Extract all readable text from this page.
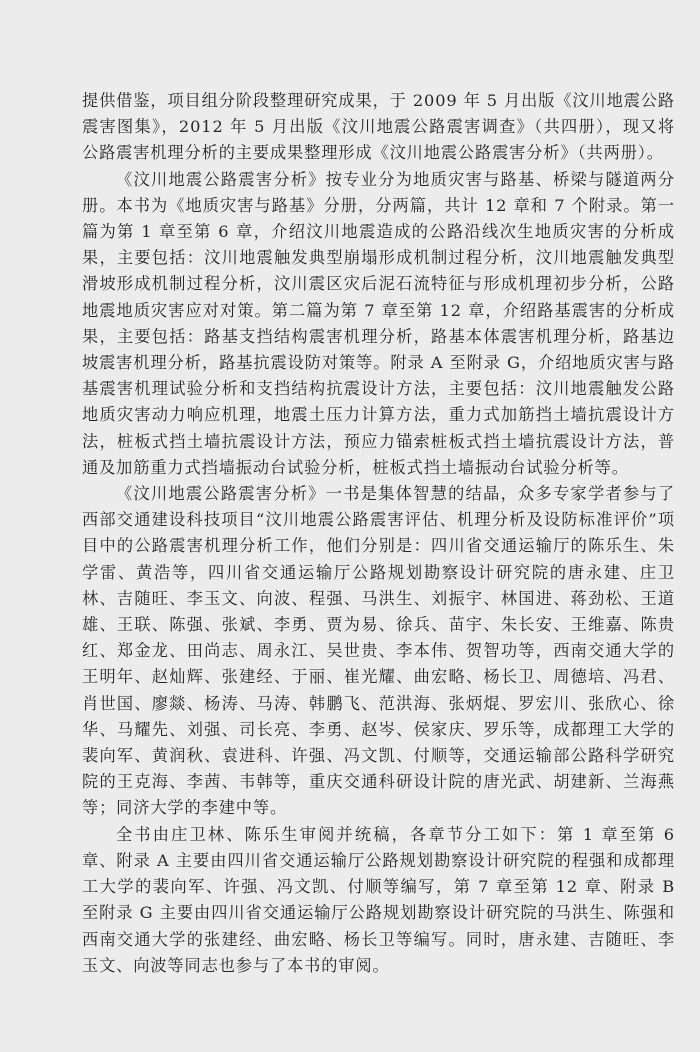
提供借鉴，项目组分阶段整理研究成果，于 2009 年 5 月出版《汶川地震公路震害图集》，2012 年 5 月出版《汶川地震公路震害调查》（共四册），现又将公路震害机理分析的主要成果整理形成《汶川地震公路震害分析》（共两册）。

《汶川地震公路震害分析》按专业分为地质灾害与路基、桥梁与隧道两分册。本书为《地质灾害与路基》分册，分两篇，共计 12 章和 7 个附录。第一篇为第 1 章至第 6 章，介绍汶川地震造成的公路沿线次生地质灾害的分析成果，主要包括：汶川地震触发典型崩塌形成机制过程分析，汶川地震触发典型滑坡形成机制过程分析，汶川震区灾后泥石流特征与形成机理初步分析，公路地震地质灾害应对对策。第二篇为第 7 章至第 12 章，介绍路基震害的分析成果，主要包括：路基支挡结构震害机理分析，路基本体震害机理分析，路基边坡震害机理分析，路基抗震设防对策等。附录 A 至附录 G，介绍地质灾害与路基震害机理试验分析和支挡结构抗震设计方法，主要包括：汶川地震触发公路地质灾害动力响应机理，地震土压力计算方法，重力式加筋挡土墙抗震设计方法，桩板式挡土墙抗震设计方法，预应力锚索桩板式挡土墙抗震设计方法，普通及加筋重力式挡墙振动台试验分析，桩板式挡土墙振动台试验分析等。

《汶川地震公路震害分析》一书是集体智慧的结晶，众多专家学者参与了西部交通建设科技项目“汶川地震公路震害评估、机理分析及设防标准评价”项目中的公路震害机理分析工作，他们分别是：四川省交通运输厅的陈乐生、朱学雷、黄浩等，四川省交通运输厅公路规划勘察设计研究院的唐永建、庄卫林、吉随旺、李玉文、向波、程强、马洪生、刘振宇、林国进、蒋劲松、王道雄、王联、陈强、张斌、李勇、贾为易、徐兵、苗宇、朱长安、王维嘉、陈贵红、郑金龙、田尚志、周永江、吴世贵、李本伟、贺智功等，西南交通大学的王明年、赵灿辉、张建经、于丽、崔光耀、曲宏略、杨长卫、周德培、冯君、肖世国、廖燚、杨涛、马涛、韩鹏飞、范洪海、张炳焜、罗宏川、张欣心、徐华、马耀先、刘强、司长亮、李勇、赵岑、侯家庆、罗乐等，成都理工大学的裴向军、黄润秋、袁进科、许强、冯文凯、付顺等，交通运输部公路科学研究院的王克海、李茜、韦韩等，重庆交通科研设计院的唐光武、胡建新、兰海燕等；同济大学的李建中等。

全书由庄卫林、陈乐生审阅并统稿，各章节分工如下：第 1 章至第 6 章、附录 A 主要由四川省交通运输厅公路规划勘察设计研究院的程强和成都理工大学的裴向军、许强、冯文凯、付顺等编写，第 7 章至第 12 章、附录 B 至附录 G 主要由四川省交通运输厅公路规划勘察设计研究院的马洪生、陈强和西南交通大学的张建经、曲宏略、杨长卫等编写。同时，唐永建、吉随旺、李玉文、向波等同志也参与了本书的审阅。
